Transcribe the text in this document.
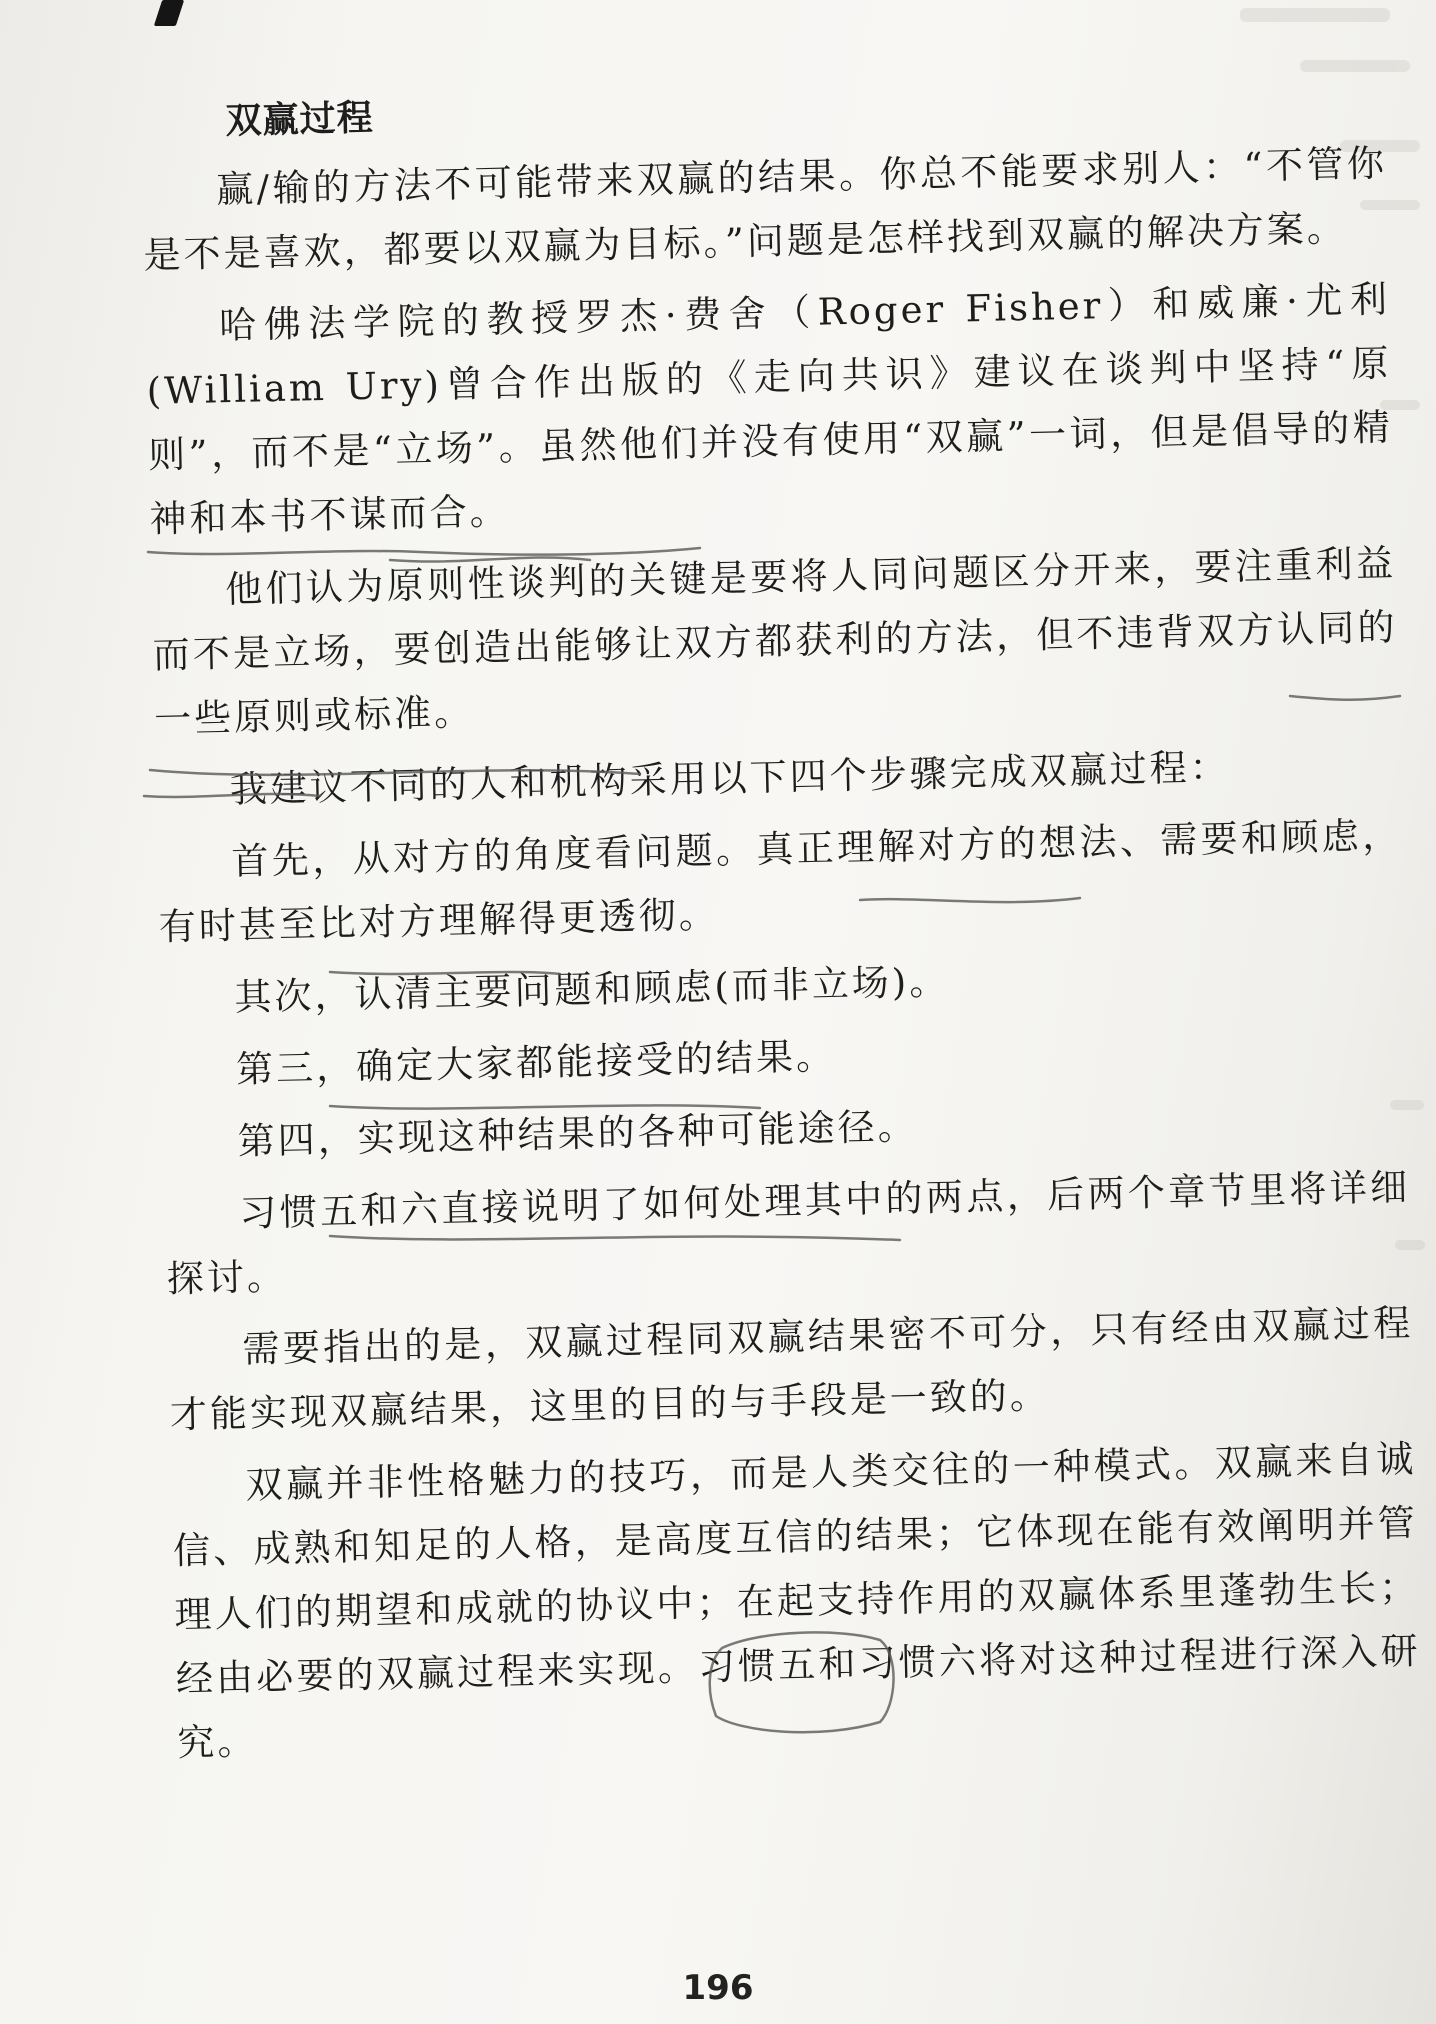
双赢过程

赢/输的方法不可能带来双赢的结果。你总不能要求别人：“不管你是不是喜欢，都要以双赢为目标。”问题是怎样找到双赢的解决方案。

哈佛法学院的教授罗杰·费舍（Roger Fisher）和威廉·尤利(William Ury)曾合作出版的《走向共识》建议在谈判中坚持“原则”，而不是“立场”。虽然他们并没有使用“双赢”一词，但是倡导的精神和本书不谋而合。

他们认为原则性谈判的关键是要将人同问题区分开来，要注重利益而不是立场，要创造出能够让双方都获利的方法，但不违背双方认同的一些原则或标准。

我建议不同的人和机构采用以下四个步骤完成双赢过程：

首先，从对方的角度看问题。真正理解对方的想法、需要和顾虑，有时甚至比对方理解得更透彻。

其次，认清主要问题和顾虑(而非立场)。

第三，确定大家都能接受的结果。

第四，实现这种结果的各种可能途径。

习惯五和六直接说明了如何处理其中的两点，后两个章节里将详细探讨。

需要指出的是，双赢过程同双赢结果密不可分，只有经由双赢过程才能实现双赢结果，这里的目的与手段是一致的。

双赢并非性格魅力的技巧，而是人类交往的一种模式。双赢来自诚信、成熟和知足的人格，是高度互信的结果；它体现在能有效阐明并管理人们的期望和成就的协议中；在起支持作用的双赢体系里蓬勃生长；经由必要的双赢过程来实现。习惯五和习惯六将对这种过程进行深入研究。

196
